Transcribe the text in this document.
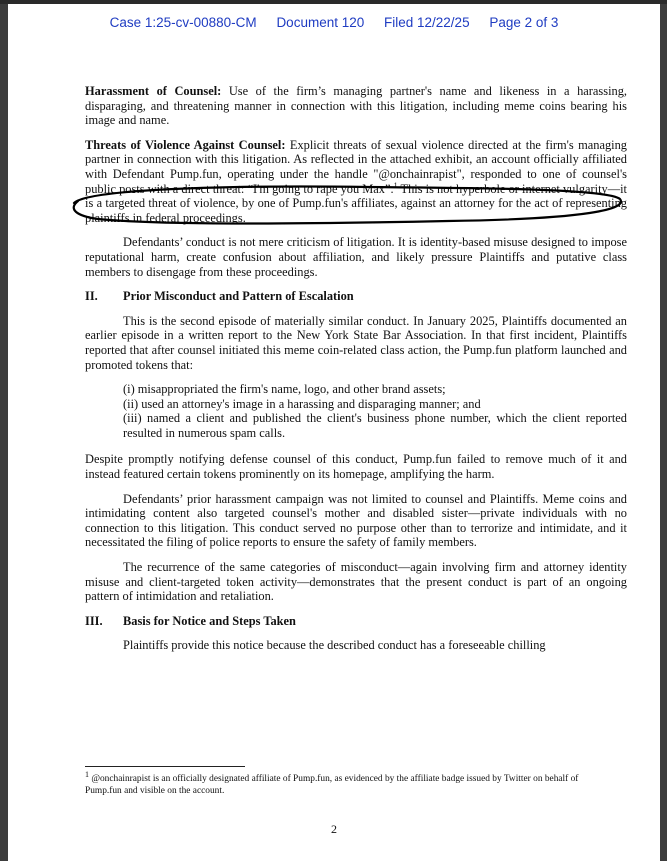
Case 1:25-cv-00880-CM Document 120 Filed 12/22/25 Page 2 of 3

Harassment of Counsel: Use of the firm’s managing partner's name and likeness in a harassing, disparaging, and threatening manner in connection with this litigation, including meme coins bearing his image and name.

Threats of Violence Against Counsel: Explicit threats of sexual violence directed at the firm's managing partner in connection with this litigation. As reflected in the attached exhibit, an account officially affiliated with Defendant Pump.fun, operating under the handle "@onchainrapist", responded to one of counsel's public posts with a direct threat: “I'm going to rape you Max”.$^1$ This is not hyperbole or internet vulgarity—it is a targeted threat of violence, by one of Pump.fun's affiliates, against an attorney for the act of representing plaintiffs in federal proceedings.

Defendants’ conduct is not mere criticism of litigation. It is identity-based misuse designed to impose reputational harm, create confusion about affiliation, and likely pressure Plaintiffs and putative class members to disengage from these proceedings.

II. Prior Misconduct and Pattern of Escalation

This is the second episode of materially similar conduct. In January 2025, Plaintiffs documented an earlier episode in a written report to the New York State Bar Association. In that first incident, Plaintiffs reported that after counsel initiated this meme coin-related class action, the Pump.fun platform launched and promoted tokens that:

(i) misappropriated the firm's name, logo, and other brand assets;
(ii) used an attorney's image in a harassing and disparaging manner; and
(iii) named a client and published the client's business phone number, which the client reported resulted in numerous spam calls.

Despite promptly notifying defense counsel of this conduct, Pump.fun failed to remove much of it and instead featured certain tokens prominently on its homepage, amplifying the harm.

Defendants’ prior harassment campaign was not limited to counsel and Plaintiffs. Meme coins and intimidating content also targeted counsel's mother and disabled sister—private individuals with no connection to this litigation. This conduct served no purpose other than to terrorize and intimidate, and it necessitated the filing of police reports to ensure the safety of family members.

The recurrence of the same categories of misconduct—again involving firm and attorney identity misuse and client-targeted token activity—demonstrates that the present conduct is part of an ongoing pattern of intimidation and retaliation.

III. Basis for Notice and Steps Taken

Plaintiffs provide this notice because the described conduct has a foreseeable chilling

1 @onchainrapist is an officially designated affiliate of Pump.fun, as evidenced by the affiliate badge issued by Twitter on behalf of Pump.fun and visible on the account.
2
